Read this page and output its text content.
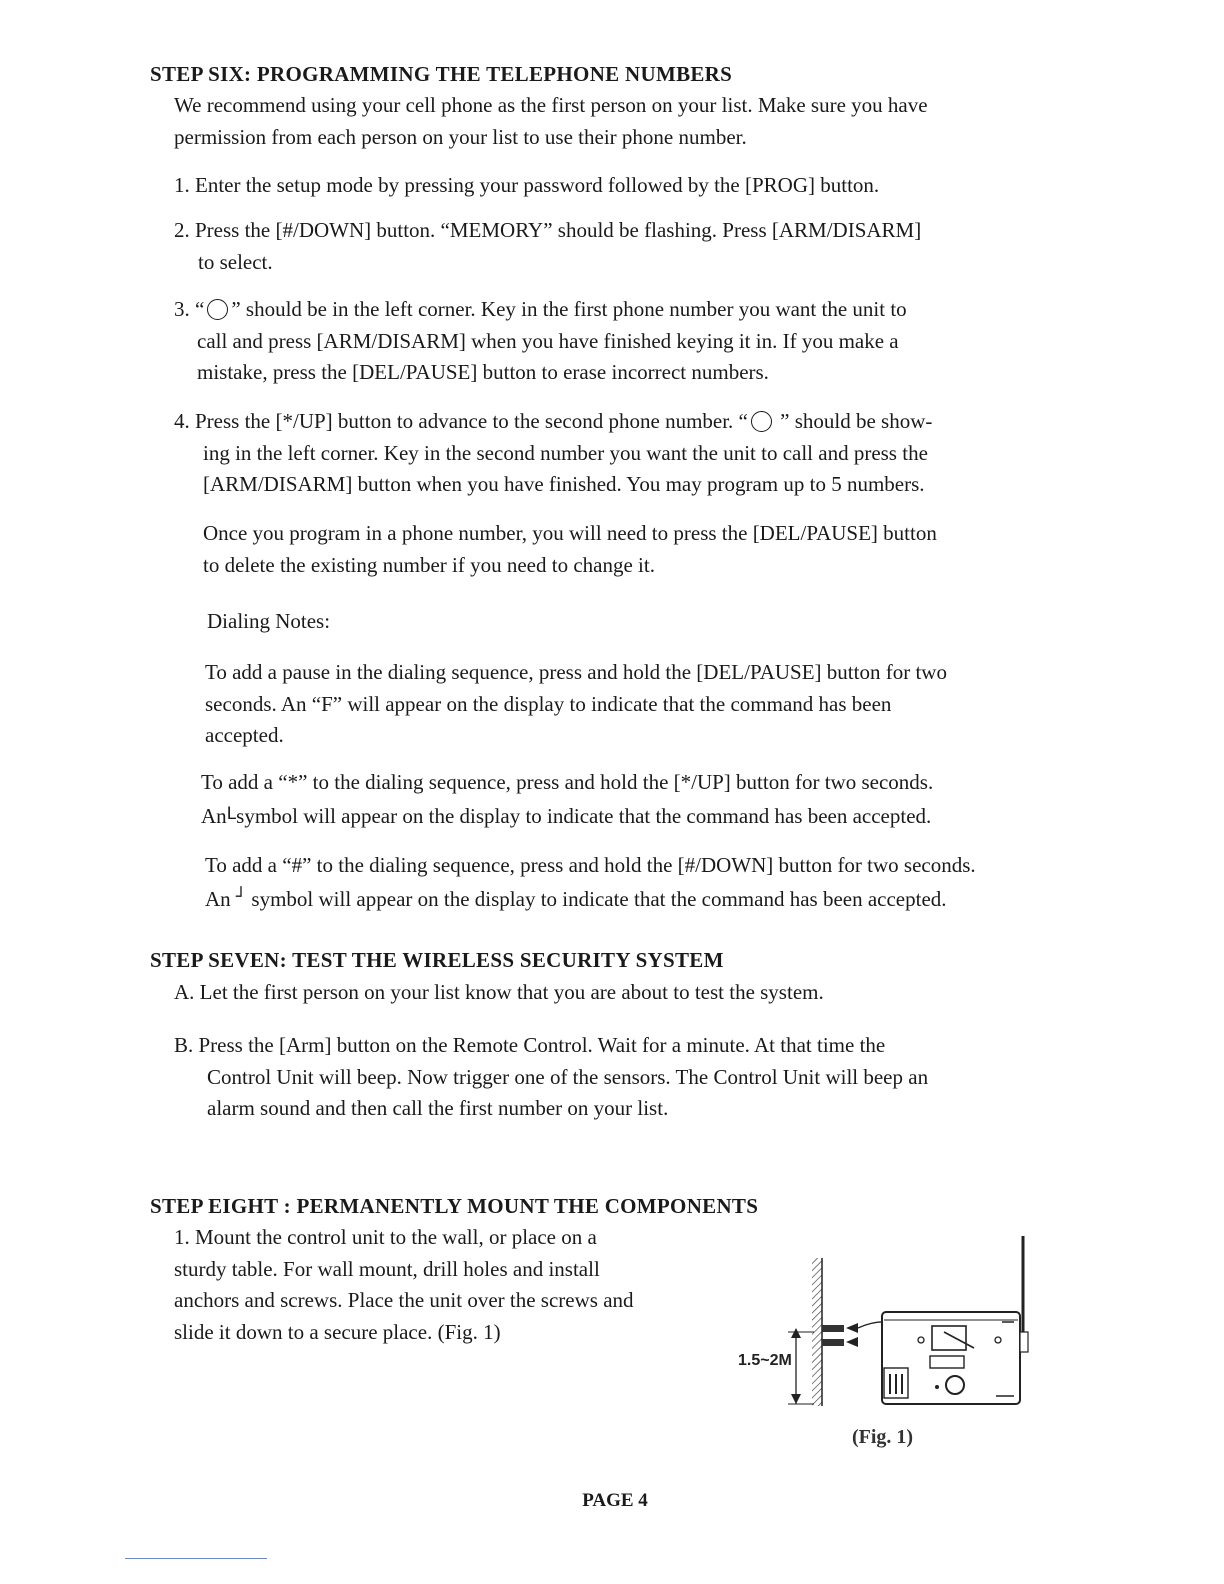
STEP SIX: PROGRAMMING THE TELEPHONE NUMBERS
We recommend using your cell phone as the first person on your list. Make sure you have
permission from each person on your list to use their phone number.
1. Enter the setup mode by pressing your password followed by the [PROG] button.
2. Press the [#/DOWN] button. “MEMORY” should be flashing. Press [ARM/DISARM]
to select.
3. “ ” should be in the left corner. Key in the first phone number you want the unit to
call and press [ARM/DISARM] when you have finished keying it in. If you make a
mistake, press the [DEL/PAUSE] button to erase incorrect numbers.
4. Press the [*/UP] button to advance to the second phone number. “ ” should be show-
ing in the left corner. Key in the second number you want the unit to call and press the
[ARM/DISARM] button when you have finished. You may program up to 5 numbers.
Once you program in a phone number, you will need to press the [DEL/PAUSE] button
to delete the existing number if you need to change it.
Dialing Notes:
To add a pause in the dialing sequence, press and hold the [DEL/PAUSE] button for two
seconds. An “F” will appear on the display to indicate that the command has been
accepted.
To add a “*” to the dialing sequence, press and hold the [*/UP] button for two seconds.
AnLsymbol will appear on the display to indicate that the command has been accepted.
To add a “#” to the dialing sequence, press and hold the [#/DOWN] button for two seconds.
An ┘ symbol will appear on the display to indicate that the command has been accepted.
STEP SEVEN: TEST THE WIRELESS SECURITY SYSTEM
A. Let the first person on your list know that you are about to test the system.
B. Press the [Arm] button on the Remote Control. Wait for a minute. At that time the
Control Unit will beep. Now trigger one of the sensors. The Control Unit will beep an
alarm sound and then call the first number on your list.
STEP EIGHT : PERMANENTLY MOUNT THE COMPONENTS
1. Mount the control unit to the wall, or place on a
sturdy table. For wall mount, drill holes and install
anchors and screws. Place the unit over the screws and
slide it down to a secure place. (Fig. 1)
1.5~2M
(Fig. 1)
PAGE 4
